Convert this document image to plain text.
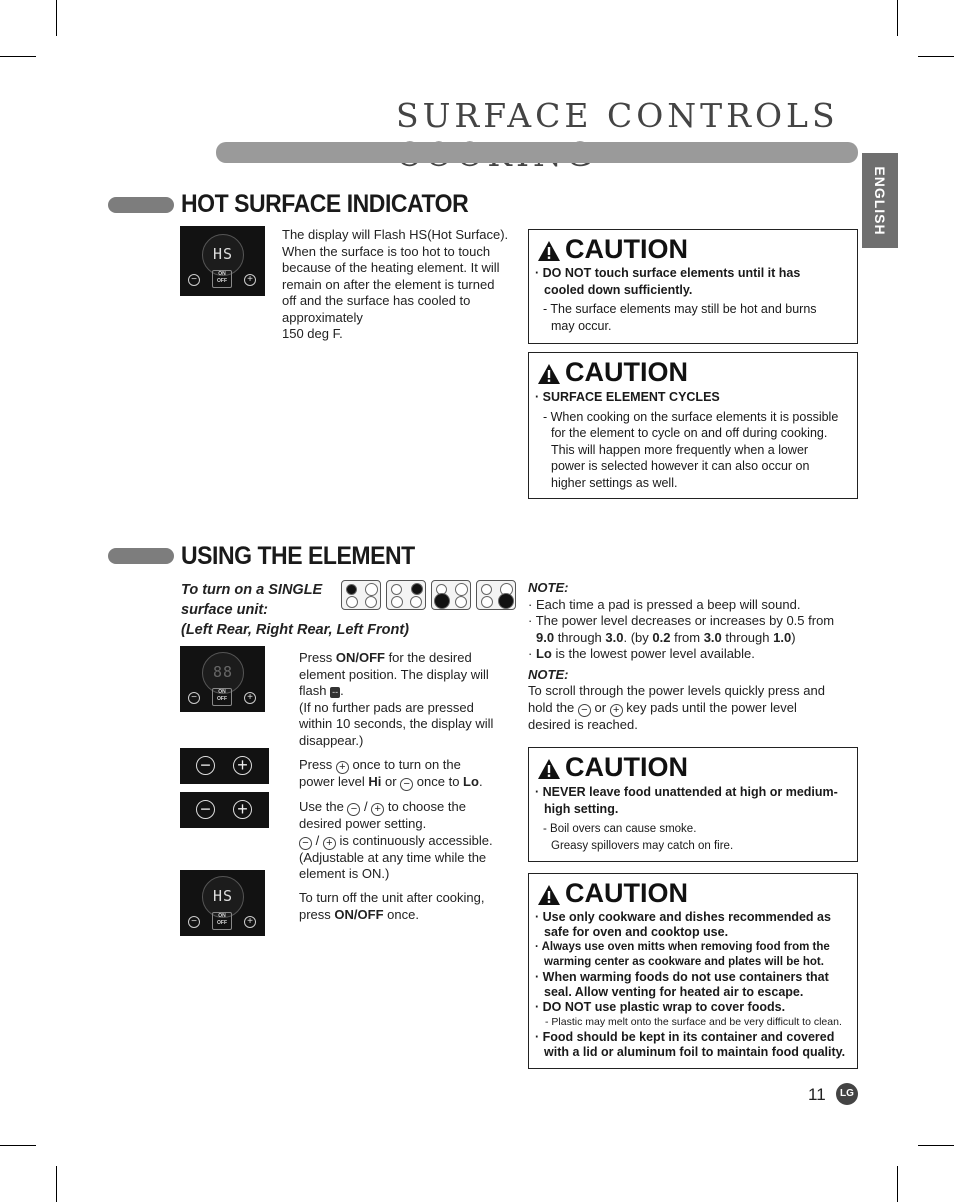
SURFACE CONTROLS
ENGLISH
HOT SURFACE INDICATOR
HS
−	+
ON
OFF
The display will Flash HS(Hot Surface).
When the surface is too hot to touch
because of the heating element. It will
remain on after the element is turned
off and the surface has cooled to
approximately
150 deg F.
CAUTION
· DO NOT touch surface elements until it has
cooled down sufficiently.
- The surface elements may still be hot and burns
may occur.
CAUTION
· SURFACE ELEMENT CYCLES
- When cooking on the surface elements it is possible
for the element to cycle on and off during cooking.
This will happen more frequently when a lower
power is selected however it can also occur on
higher settings as well.
USING THE ELEMENT
To turn on a SINGLE
surface unit:
(Left Rear, Right Rear, Left Front)
88
−	+
ON
OFF
Press ON/OFF for the desired
element position. The display will
flash -- .
(If no further pads are pressed
within 10 seconds, the display will
disappear.)
− +	Press + once to turn on the
power level Hi or − once to Lo.
− +	Use the − / + to choose the
desired power setting.
− / + is continuously accessible.
(Adjustable at any time while the
element is ON.)
HS
−	+
ON
OFF
To turn off the unit after cooking,
press ON/OFF once.
NOTE:
· Each time a pad is pressed a beep will sound.
· The power level decreases or increases by 0.5 from
9.0 through 3.0. (by 0.2 from 3.0 through 1.0)
· Lo is the lowest power level available.
NOTE:
To scroll through the power levels quickly press and
hold the − or + key pads until the power level
desired is reached.
CAUTION
· NEVER leave food unattended at high or medium-
high setting.
- Boil overs can cause smoke.
Greasy spillovers may catch on fire.
CAUTION
· Use only cookware and dishes recommended as
safe for oven and cooktop use.
· Always use oven mitts when removing food from the
warming center as cookware and plates will be hot.
· When warming foods do not use containers that
seal. Allow venting for heated air to escape.
· DO NOT use plastic wrap to cover foods.
- Plastic may melt onto the surface and be very difficult to clean.
· Food should be kept in its container and covered
with a lid or aluminum foil to maintain food quality.
11	LG
